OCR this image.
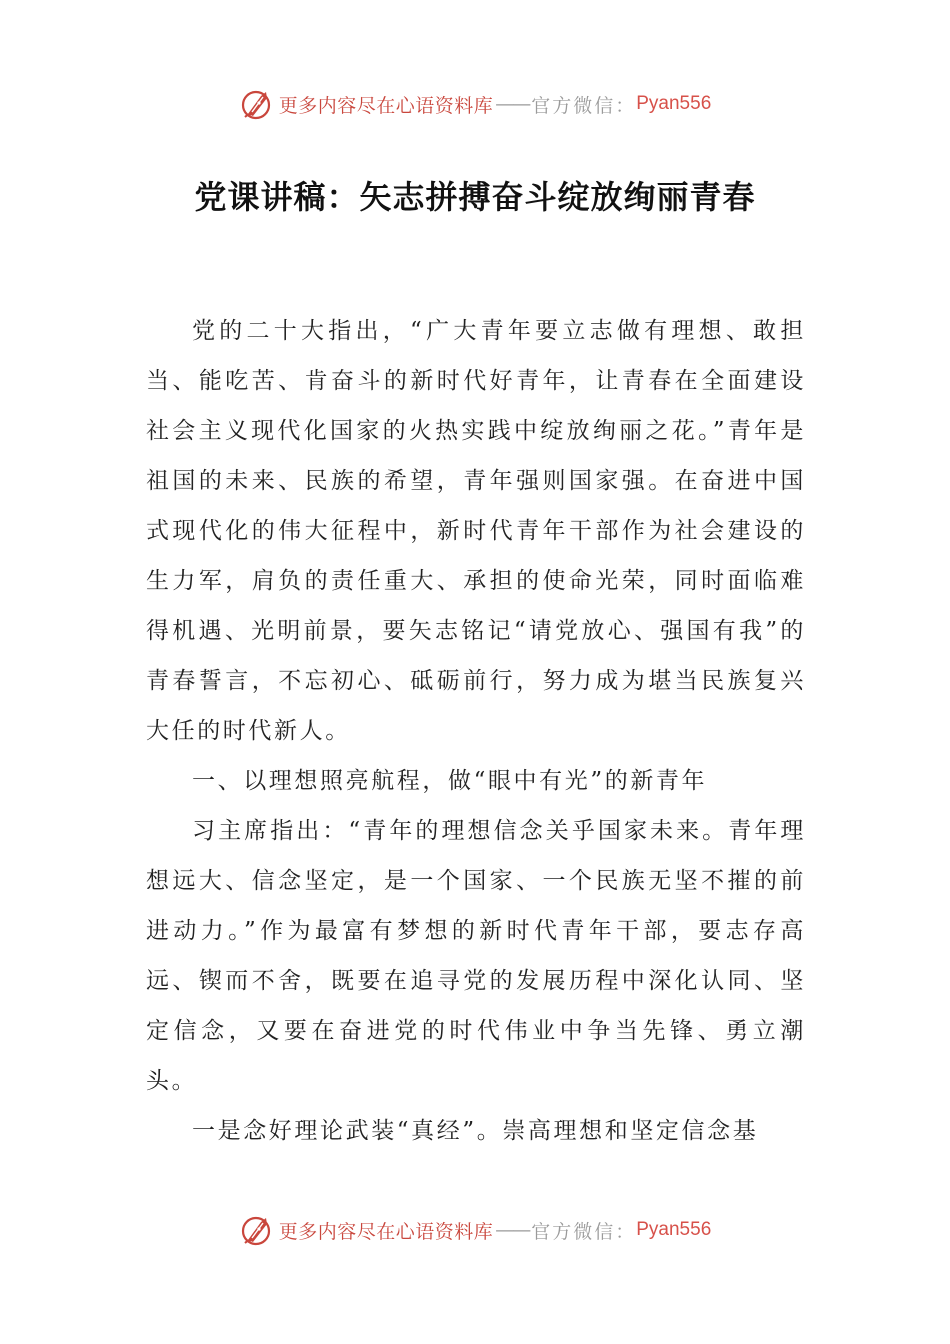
更多内容尽在心语资料库 —— 官方微信： Pyan556
党课讲稿：矢志拼搏奋斗绽放绚丽青春

党的二十大指出，“广大青年要立志做有理想、敢担当、能吃苦、肯奋斗的新时代好青年，让青春在全面建设社会主义现代化国家的火热实践中绽放绚丽之花。”青年是祖国的未来、民族的希望，青年强则国家强。在奋进中国式现代化的伟大征程中，新时代青年干部作为社会建设的生力军，肩负的责任重大、承担的使命光荣，同时面临难得机遇、光明前景，要矢志铭记“请党放心、强国有我”的青春誓言，不忘初心、砥砺前行，努力成为堪当民族复兴大任的时代新人。

一、以理想照亮航程，做“眼中有光”的新青年

习主席指出：“青年的理想信念关乎国家未来。青年理想远大、信念坚定，是一个国家、一个民族无坚不摧的前进动力。”作为最富有梦想的新时代青年干部，要志存高远、锲而不舍，既要在追寻党的发展历程中深化认同、坚定信念，又要在奋进党的时代伟业中争当先锋、勇立潮头。

一是念好理论武装“真经”。崇高理想和坚定信念基

更多内容尽在心语资料库 —— 官方微信： Pyan556
